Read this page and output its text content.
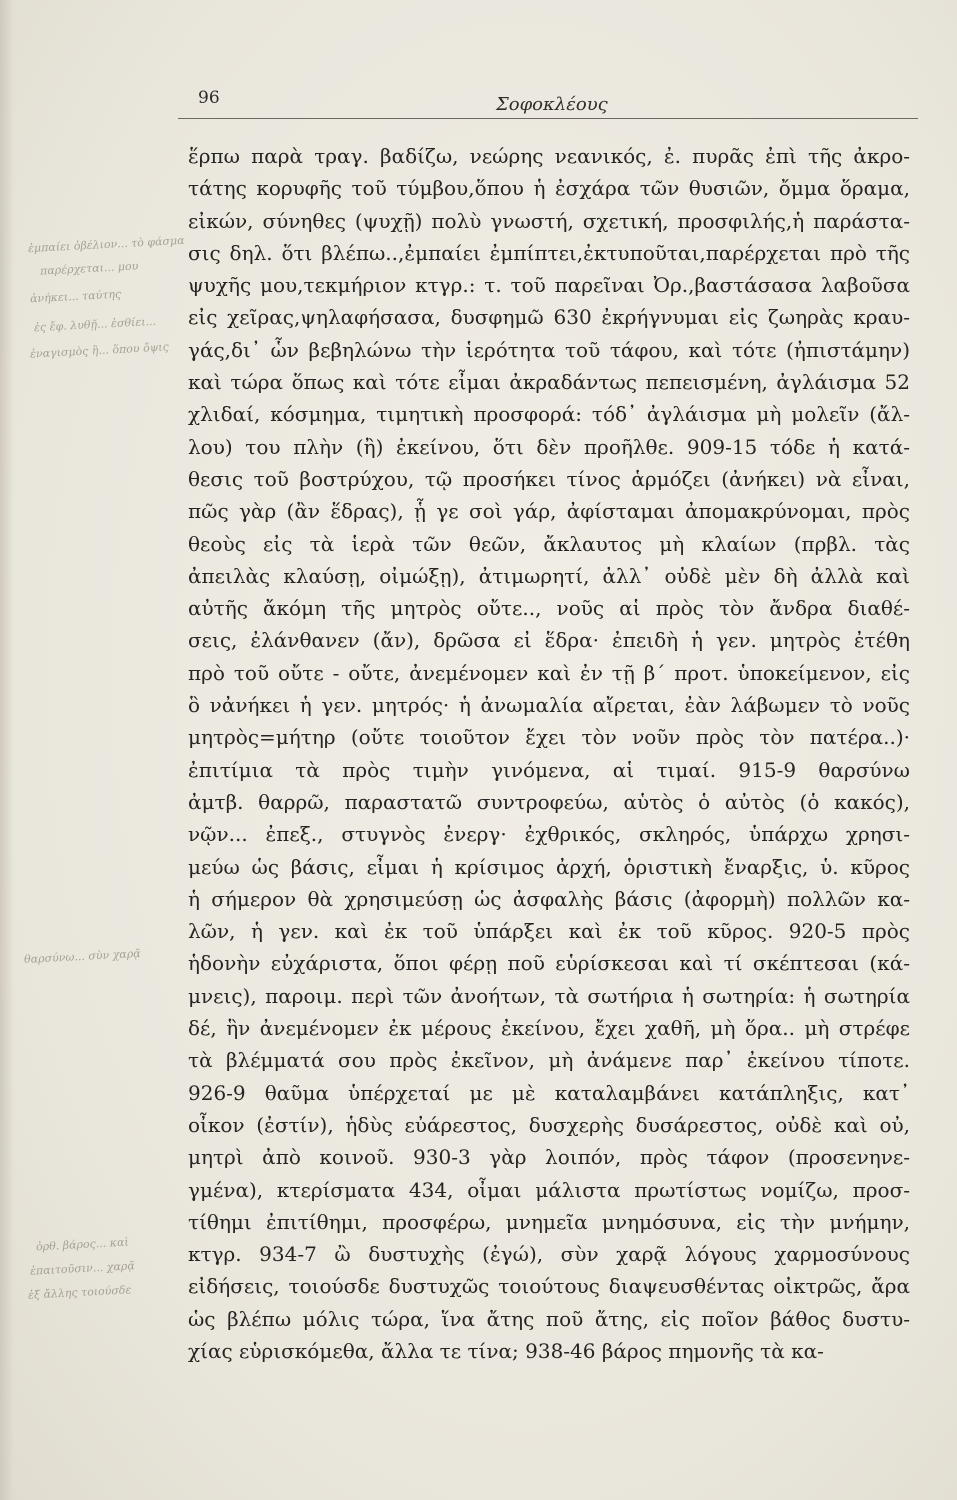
96	Σοφοκλέους
ἐμπαίει ὀβέλιον... τὸ φάσμα
παρέρχεται... μου
ἀνήκει... ταύτης
ἐς ἔφ. λυθῇ... ἐσθίει...
ἐναγισμὸς ἢ... ὅπου ὄψις
θαρσύνω... σὺν χαρᾷ
ὀρθ. βάρος... καὶ
ἐπαιτοῦσιν... χαρᾷ
ἐξ ἄλλης τοιούσδε
ἕρπω παρὰ τραγ. βαδίζω, νεώρης νεανικός, ἐ. πυρᾶς ἐπὶ τῆς ἀκρο-
τάτης κορυφῆς τοῦ τύμβου,ὅπου ἡ ἐσχάρα τῶν θυσιῶν, ὄμμα ὅραμα,
εἰκών, σύνηθες (ψυχῇ) πολὺ γνωστή, σχετική, προσφιλής,ἡ παράστα-
σις δηλ. ὅτι βλέπω..,ἐμπαίει ἐμπίπτει,ἐκτυποῦται,παρέρχεται πρὸ τῆς
ψυχῆς μου,τεκμήριον κτγρ.: τ. τοῦ παρεῖναι Ὀρ.,βαστάσασα λαβοῦσα
εἰς χεῖρας,ψηλαφήσασα, δυσφημῶ 630 ἐκρήγνυμαι εἰς ζωηρὰς κραυ-
γάς,δι᾽ ὧν βεβηλώνω τὴν ἱερότητα τοῦ τάφου, καὶ τότε (ἠπιστάμην)
καὶ τώρα ὅπως καὶ τότε εἶμαι ἀκραδάντως πεπεισμένη, ἀγλάισμα 52
χλιδαί, κόσμημα, τιμητικὴ προσφορά: τόδ᾽ ἀγλάισμα μὴ μολεῖν (ἄλ-
λου) του πλὴν (ἢ) ἐκείνου, ὅτι δὲν προῆλθε. 909-15 τόδε ἡ κατά-
θεσις τοῦ βοστρύχου, τῷ προσήκει τίνος ἁρμόζει (ἀνήκει) νὰ εἶναι,
πῶς γὰρ (ἂν ἕδρας), ᾗ γε σοὶ γάρ, ἀφίσταμαι ἀπομακρύνομαι, πρὸς
θεοὺς εἰς τὰ ἱερὰ τῶν θεῶν, ἄκλαυτος μὴ κλαίων (πρβλ. τὰς
ἀπειλὰς κλαύσῃ, οἰμώξῃ), ἀτιμωρητί, ἀλλ᾽ οὐδὲ μὲν δὴ ἀλλὰ καὶ
αὐτῆς ἄκόμη τῆς μητρὸς οὔτε.., νοῦς αἱ πρὸς τὸν ἄνδρα διαθέ-
σεις, ἐλάνθανεν (ἄν), δρῶσα εἰ ἕδρα· ἐπειδὴ ἡ γεν. μητρὸς ἐτέθη
πρὸ τοῦ οὔτε - οὔτε, ἀνεμένομεν καὶ ἐν τῇ β΄ προτ. ὑποκείμενον, εἰς
ὃ νἀνήκει ἡ γεν. μητρός· ἡ ἀνωμαλία αἴρεται, ἐὰν λάβωμεν τὸ νοῦς
μητρὸς=μήτηρ (οὔτε τοιοῦτον ἔχει τὸν νοῦν πρὸς τὸν πατέρα..)·
ἐπιτίμια τὰ πρὸς τιμὴν γινόμενα, αἱ τιμαί. 915-9 θαρσύνω
ἀμτβ. θαρρῶ, παραστατῶ συντροφεύω, αὑτὸς ὁ αὐτὸς (ὁ κακός),
νῷν... ἐπεξ., στυγνὸς ἐνεργ· ἐχθρικός, σκληρός, ὑπάρχω χρησι-
μεύω ὡς βάσις, εἶμαι ἡ κρίσιμος ἀρχή, ὁριστικὴ ἔναρξις, ὑ. κῦρος
ἡ σήμερον θὰ χρησιμεύσῃ ὡς ἀσφαλὴς βάσις (ἀφορμὴ) πολλῶν κα-
λῶν, ἡ γεν. καὶ ἐκ τοῦ ὑπάρξει καὶ ἐκ τοῦ κῦρος. 920-5 πρὸς
ἡδονὴν εὐχάριστα, ὅποι φέρῃ ποῦ εὑρίσκεσαι καὶ τί σκέπτεσαι (κά-
μνεις), παροιμ. περὶ τῶν ἀνοήτων, τὰ σωτήρια ἡ σωτηρία: ἡ σωτηρία
δέ, ἣν ἀνεμένομεν ἐκ μέρους ἐκείνου, ἔχει χαθῆ, μὴ ὅρα.. μὴ στρέφε
τὰ βλέμματά σου πρὸς ἐκεῖνον, μὴ ἀνάμενε παρ᾽ ἐκείνου τίποτε.
926-9 θαῦμα ὑπέρχεταί με μὲ καταλαμβάνει κατάπληξις, κατ᾽
οἶκον (ἐστίν), ἡδὺς εὐάρεστος, δυσχερὴς δυσάρεστος, οὐδὲ καὶ οὐ,
μητρὶ ἀπὸ κοινοῦ. 930-3 γὰρ λοιπόν, πρὸς τάφον (προσενηνε-
γμένα), κτερίσματα 434, οἶμαι μάλιστα πρωτίστως νομίζω, προσ-
τίθημι ἐπιτίθημι, προσφέρω, μνημεῖα μνημόσυνα, εἰς τὴν μνήμην,
κτγρ. 934-7 ὢ δυστυχὴς (ἐγώ), σὺν χαρᾷ λόγους χαρμοσύνους
εἰδήσεις, τοιούσδε δυστυχῶς τοιούτους διαψευσθέντας οἰκτρῶς, ἄρα
ὡς βλέπω μόλις τώρα, ἵνα ἄτης ποῦ ἄτης, εἰς ποῖον βάθος δυστυ-
χίας εὑρισκόμεθα, ἄλλα τε τίνα; 938-46 βάρος πημονῆς τὰ κα-
